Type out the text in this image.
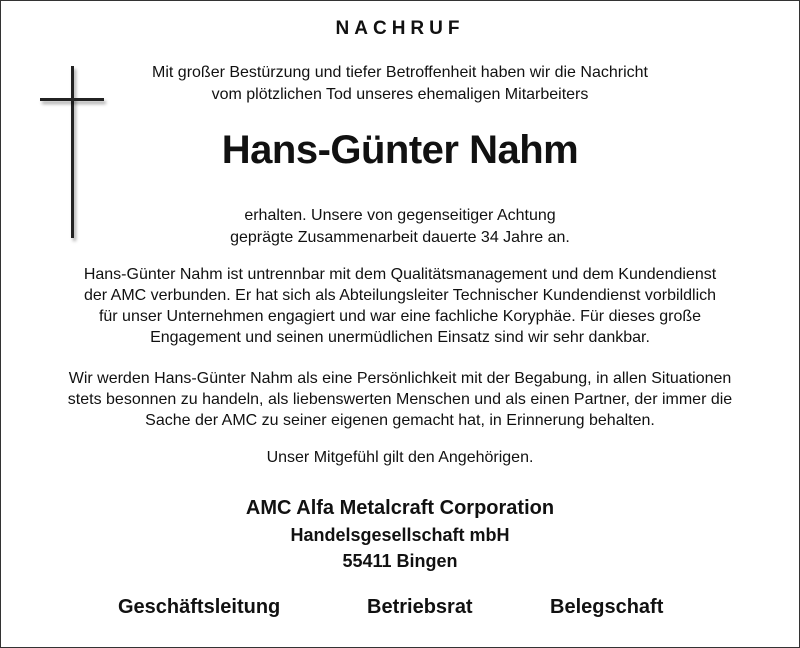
NACHRUF
Mit großer Bestürzung und tiefer Betroffenheit haben wir die Nachricht
vom plötzlichen Tod unseres ehemaligen Mitarbeiters
Hans-Günter Nahm
erhalten. Unsere von gegenseitiger Achtung
geprägte Zusammenarbeit dauerte 34 Jahre an.
Hans-Günter Nahm ist untrennbar mit dem Qualitätsmanagement und dem Kundendienst
der AMC verbunden. Er hat sich als Abteilungsleiter Technischer Kundendienst vorbildlich
für unser Unternehmen engagiert und war eine fachliche Koryphäe. Für dieses große
Engagement und seinen unermüdlichen Einsatz sind wir sehr dankbar.
Wir werden Hans-Günter Nahm als eine Persönlichkeit mit der Begabung, in allen Situationen
stets besonnen zu handeln, als liebenswerten Menschen und als einen Partner, der immer die
Sache der AMC zu seiner eigenen gemacht hat, in Erinnerung behalten.
Unser Mitgefühl gilt den Angehörigen.
AMC Alfa Metalcraft Corporation
Handelsgesellschaft mbH
55411 Bingen
Geschäftsleitung	Betriebsrat	Belegschaft
